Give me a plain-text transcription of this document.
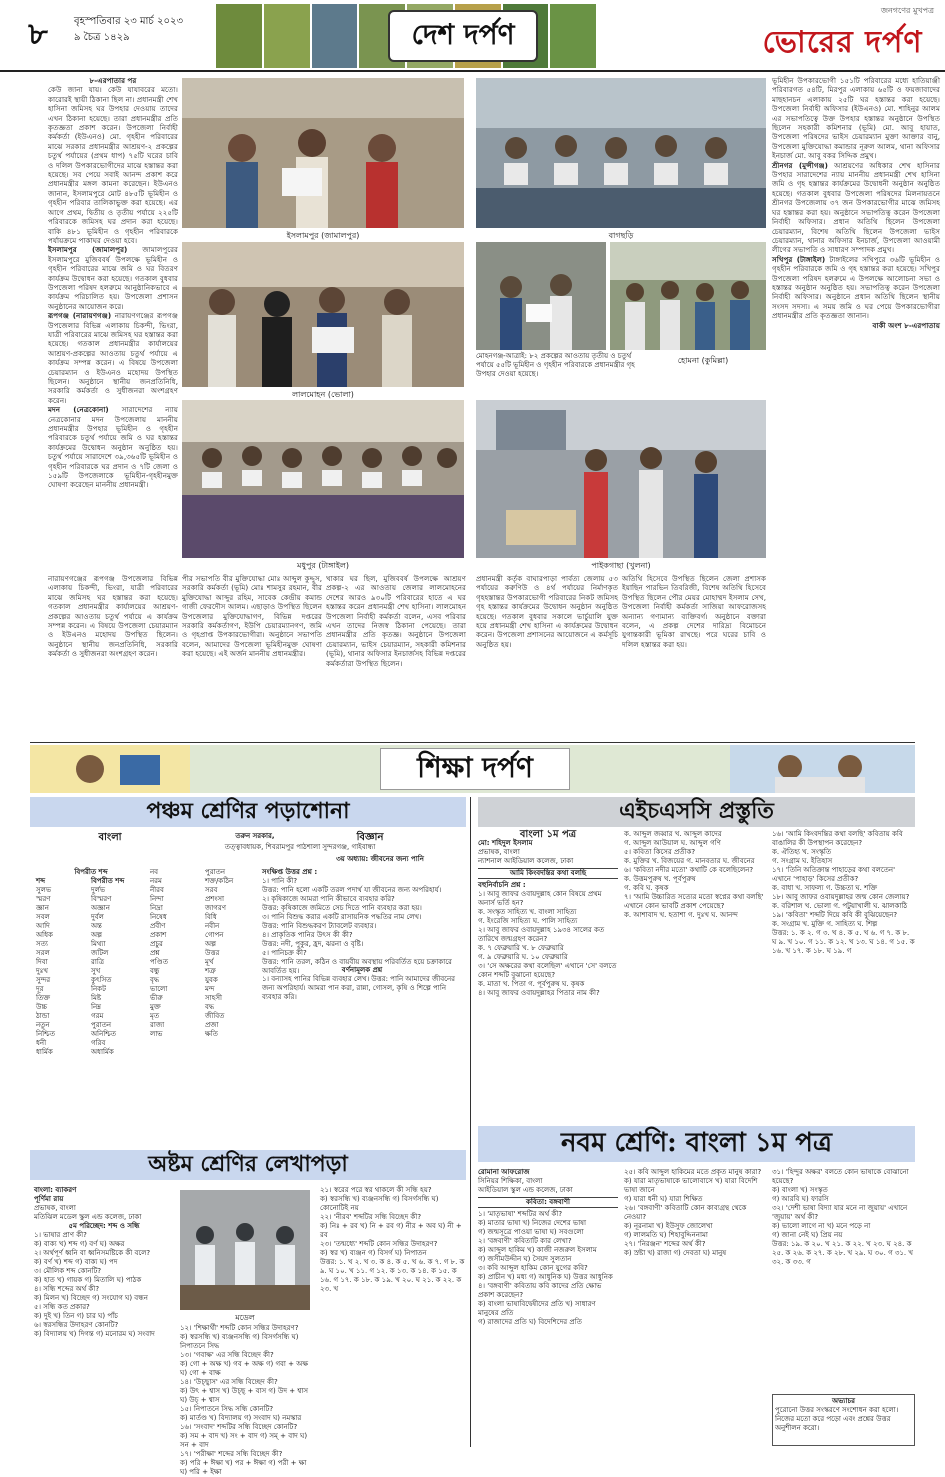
৮	বৃহস্পতিবার ২৩ মার্চ ২০২৩
৯ চৈত্র ১৪২৯	দেশ দর্পণ
জনগণের মুখপত্র
ভোরের দর্পণ
৮-এরপাতার পর

কেউ জানা যায়। কেউ যাযাবরের মতো। কারোরই স্থায়ী ঠিকানা ছিল না। প্রধানমন্ত্রী শেখ হাসিনা জমিসহ ঘর উপহার দেওয়ায় তাদের এখন ঠিকানা হয়েছে। তারা প্রধানমন্ত্রীর প্রতি কৃতজ্ঞতা প্রকাশ করেন। উপজেলা নির্বাহী কর্মকর্তা (ইউএনও) মো. গৃহহীন পরিবারের মাঝে সরকার প্রধানমন্ত্রীর আশ্রয়ণ-২ প্রকল্পের চতুর্থ পর্যায়ের (প্রথম ধাপ) ৭৫টি ঘরের চাবি ও দলিল উপকারভোগীদের মাঝে হস্তান্তর করা হয়েছে। সব পেয়ে সবাই আনন্দ প্রকাশ করে প্রধানমন্ত্রীর মঙ্গল কামনা করেছেন। ইউএনও জানান, ইসলামপুরে মোট ৪৮৫টি ভূমিহীন ও গৃহহীন পরিবার তালিকাভুক্ত করা হয়েছে। এর আগে প্রথম, দ্বিতীয় ও তৃতীয় পর্যায়ে ২২৫টি পরিবারকে জমিসহ ঘর প্রদান করা হয়েছে। বাকি ৪৮১ ভূমিহীন ও গৃহহীন পরিবারকে পর্যায়ক্রমে পাকাঘর দেওয়া হবে।

ইসলামপুর (জামালপুর) জামালপুরের ইসলামপুরে মুজিববর্ষ উপলক্ষে ভূমিহীন ও গৃহহীন পরিবারের মাঝে জমি ও ঘর বিতরণ কার্যক্রম উদ্বোধন করা হয়েছে। গতকাল বুধবার উপজেলা পরিষদ হলরুমে আনুষ্ঠানিকভাবে এ কার্যক্রম পরিচালিত হয়। উপজেলা প্রশাসন অনুষ্ঠানের আয়োজন করে।

রূপগঞ্জ (নারায়ণগঞ্জ) নারায়ণগঞ্জের রূপগঞ্জ উপজেলার বিভিন্ন এলাকায় চিকন্দী, ভিংরা, যাত্রী পরিবারের মাঝে জমিসহ ঘর হস্তান্তর করা হয়েছে। গতকাল প্রধানমন্ত্রীর কার্যালয়ের আশ্রয়ণ-প্রকল্পের আওতায় চতুর্থ পর্যায়ে এ কার্যক্রম সম্পন্ন করেন। এ বিষয়ে উপজেলা চেয়ারম্যান ও ইউএনও মহোদয় উপস্থিত ছিলেন। অনুষ্ঠানে স্থানীয় জনপ্রতিনিধি, সরকারি কর্মকর্তা ও সুধীজনরা অংশগ্রহণ করেন।

মদন (নেত্রকোনা) সারাদেশের ন্যায় নেত্রকোনার মদন উপজেলায় মাননীয় প্রধানমন্ত্রীর উপহার ভূমিহীন ও গৃহহীন পরিবারকে চতুর্থ পর্যায়ে জমি ও ঘর হস্তান্তর কার্যক্রমের উদ্বোধন অনুষ্ঠান অনুষ্ঠিত হয়। চতুর্থ পর্যায়ে সারাদেশে ৩৯,৩৬৫টি ভূমিহীন ও গৃহহীন পরিবারকে ঘর প্রদান ও ৭টি জেলা ও ১৫৯টি উপজেলাকে ভূমিহীন-গৃহহীনমুক্ত ঘোষণা করেছেন মাননীয় প্রধানমন্ত্রী।

ইসলামপুর (জামালপুর)	বাগছড়ি
লালমোহন (ভোলা)
মোহনগঞ্জ-আত্রাই: ৮২ প্রকল্পের আওতায় তৃতীয় ও চতুর্থ পর্যায়ে ৫৫টি ভূমিহীন ও গৃহহীন পরিবারকে প্রধানমন্ত্রীর গৃহ উপহার দেওয়া হয়েছে।
হোমনা (কুমিল্লা)
মধুপুর (টাঙ্গাইল)	পাইকগাছা (খুলনা)

ভূমিহীন উপকারভোগী ১৫১টি পরিবারের মধ্যে হাতিয়াঞ্জী পরিবারগত ৫৪টি, মিরপুর এলাকায় ৬৫টি ও ফয়জাবাদের মাছহানচন এলাকায় ২৫টি ঘর হস্তান্তর করা হয়েছে। উপজেলা নির্বাহী অফিসার (ইউএনও) মো. শাহিনুর আলম এর সভাপতিত্বে উক্ত উপহার হস্তান্তর অনুষ্ঠানে উপস্থিত ছিলেন সহকারী কমিশনার (ভূমি) মো. আবু হায়াত, উপজেলা পরিষদের ভাইস চেয়ারম্যান মুক্তা আক্তার বানু, উপজেলা মুক্তিযোদ্ধা কমান্ডার নূরুল আলম, থানা অফিসার ইনচার্জ মো. আবু বকর সিদ্দিক প্রমুখ।

শ্রীনগর (মুন্সীগঞ্জ) আশ্রয়ণের অধিকার শেখ হাসিনার উপহার সারাদেশের ন্যায় মাননীয় প্রধানমন্ত্রী শেখ হাসিনা জমি ও গৃহ হস্তান্তর কার্যক্রমের উদ্বোধনী অনুষ্ঠান অনুষ্ঠিত হয়েছে। গতকাল বুধবার উপজেলা পরিষদের মিলনায়তনে শ্রীনগর উপজেলায় ৩৭ জন উপকারভোগীর মাঝে জমিসহ ঘর হস্তান্তর করা হয়। অনুষ্ঠানে সভাপতিত্ব করেন উপজেলা নির্বাহী অফিসার। প্রধান অতিথি ছিলেন উপজেলা চেয়ারম্যান, বিশেষ অতিথি ছিলেন উপজেলা ভাইস চেয়ারম্যান, থানার অফিসার ইনচার্জ, উপজেলা আওয়ামী লীগের সভাপতি ও সাধারণ সম্পাদক প্রমুখ।

সখিপুর (টাঙ্গাইল) টাঙ্গাইলের সখিপুরে ৩৬টি ভূমিহীন ও গৃহহীন পরিবারকে জমি ও গৃহ হস্তান্তর করা হয়েছে। সখিপুর উপজেলা পরিষদ হলরুমে এ উপলক্ষে আলোচনা সভা ও হস্তান্তর অনুষ্ঠান অনুষ্ঠিত হয়। সভাপতিত্ব করেন উপজেলা নির্বাহী অফিসার। অনুষ্ঠানে প্রধান অতিথি ছিলেন স্থানীয় সংসদ সদস্য। এ সময় জমি ও ঘর পেয়ে উপকারভোগীরা প্রধানমন্ত্রীর প্রতি কৃতজ্ঞতা জানান।

বাকী অংশ ৮-এরপাতায়

নারায়ণগঞ্জের রূপগঞ্জ উপজেলার বিভিন্ন এলাকায় চিকন্দী, ভিংরা, যাত্রী পরিবারের মাঝে জমিসহ ঘর হস্তান্তর করা হয়েছে। গতকাল প্রধানমন্ত্রীর কার্যালয়ের আশ্রয়ণ-প্রকল্পের আওতায় চতুর্থ পর্যায়ে এ কার্যক্রম সম্পন্ন করেন। এ বিষয়ে উপজেলা চেয়ারম্যান ও ইউএনও মহোদয় উপস্থিত ছিলেন। অনুষ্ঠানে স্থানীয় জনপ্রতিনিধি, সরকারি কর্মকর্তা ও সুধীজনরা অংশগ্রহণ করেন।

পীর সভাপতি বীর মুক্তিযোদ্ধা মোঃ আব্দুল কুদ্দুস, সরকারি কর্মকর্তা (ভূমি) মোঃ শামসুর রহমান, বীর মুক্তিযোদ্ধা আব্দুর রহিম, সাবেক কেন্দ্রীয় কমান্ড গাজী ফেরদৌস আলম। এছাড়াও উপস্থিত ছিলেন উপজেলার মুক্তিযোদ্ধাগণ, বিভিন্ন দপ্তরের সরকারি কর্মকর্তাগণ, ইউপি চেয়ারম্যানগণ, জমি ও গৃহপ্রাপ্ত উপকারভোগীরা। অনুষ্ঠানে সভাপতি বলেন, আমাদের উপজেলা ভূমিহীনমুক্ত ঘোষণা করা হয়েছে। এই অর্জন মাননীয় প্রধানমন্ত্রীর।

খাকার ঘর ছিল, মুজিববর্ষ উপলক্ষে আশ্রয়ণ প্রকল্প-২ এর আওতায় জেলার লালমোহনের দেশের আরও ৯৩০টি পরিবারের হাতে এ ঘর হস্তান্তর করেন প্রধানমন্ত্রী শেখ হাসিনা। লালমোহন উপজেলা নির্বাহী কর্মকর্তা বলেন, এসব পরিবার এখন তাদের নিজস্ব ঠিকানা পেয়েছে। তারা প্রধানমন্ত্রীর প্রতি কৃতজ্ঞ। অনুষ্ঠানে উপজেলা চেয়ারম্যান, ভাইস চেয়ারম্যান, সহকারী কমিশনার (ভূমি), থানার অফিসার ইনচার্জসহ বিভিন্ন দপ্তরের কর্মকর্তারা উপস্থিত ছিলেন।

প্রধানমন্ত্রী কর্তৃক বাঘারপাড়া পার্বত্য জেলায় ৫৩ পর্যায়ের করুণিউ ও ৪র্থ পর্যায়ের নির্মাণকৃত গৃহহস্তান্তর উপকারভোগী পরিবারের নিকট জমিসহ গৃহ হস্তান্তর কার্যক্রমের উদ্বোধন অনুষ্ঠান অনুষ্ঠিত হয়েছে। গতকাল বুধবার সকালে ভার্চুয়ালি যুক্ত হয়ে প্রধানমন্ত্রী শেখ হাসিনা এ কার্যক্রমের উদ্বোধন করেন। উপজেলা প্রশাসনের আয়োজনে এ কর্মসূচি অনুষ্ঠিত হয়।

অতিথি হিসেবে উপস্থিত ছিলেন জেলা প্রশাসক ইয়াছিন পারভিন তিবরিজী, বিশেষ অতিথি হিসেবে উপস্থিত ছিলেন পৌর মেয়র মোহাম্মদ ইসলাম সেখ, উপজেলা নির্বাহী কর্মকর্তা সাজিয়া আফরোজসহ অন্যান্য গণ্যমান্য ব্যক্তিবর্গ। অনুষ্ঠানে বক্তারা বলেন, এ প্রকল্প দেশের দারিদ্র্য বিমোচনে যুগান্তকারী ভূমিকা রাখছে। পরে ঘরের চাবি ও দলিল হস্তান্তর করা হয়।

শিক্ষা দর্পণ
পঞ্চম শ্রেণির পড়াশোনা
বাংলা	বিজ্ঞান
তরুন সরকার,
তত্ত্বাবধায়ক, শিবরামপুর পাঠশালা সুন্দরগঞ্জ, গাইবান্ধা
৩য় অধ্যায়: জীবনের জন্য পানি
বিপরীত শব্দ
শব্দ	বিপরীত শব্দ
সুলভ	দুর্লভ
স্মরণ	বিস্মরণ
জ্ঞান	অজ্ঞান
সবল	দুর্বল
আদি	অন্ত
অধিক	অল্প
সত্য	মিথ্যা
সরল	জটিল
দিবা	রাত্রি
দুঃখ	সুখ
সুন্দর	কুৎসিত
দূর	নিকট
তিক্ত	মিষ্ট
উচ্চ	নিম্ন
ঠান্ডা	গরম
নতুন	পুরাতন
নিশ্চিত	অনিশ্চিত
ধনী	গরিব
ধার্মিক	অধার্মিক
নব	পুরাতন
নরম	শক্ত/কঠিন
নীরব	সরব
নিন্দা	প্রশংসা
নিদ্রা	জাগরণ
নিষেধ	বিধি
প্রবীণ	নবীন
প্রকাশ	গোপন
প্রচুর	অল্প
প্রশ্ন	উত্তর
পণ্ডিত	মূর্খ
বন্ধু	শত্রু
বৃদ্ধ	যুবক
ভালো	মন্দ
ভীরু	সাহসী
মুক্ত	বদ্ধ
মৃত	জীবিত
রাজা	প্রজা
লাভ	ক্ষতি
সংক্ষিপ্ত উত্তর প্রশ্ন :
১। পানি কী?
উত্তর: পানি হলো একটি তরল পদার্থ যা জীবনের জন্য অপরিহার্য।
২। কৃষিকাজে আমরা পানি কীভাবে ব্যবহার করি?
উত্তর: কৃষিকাজে জমিতে সেচ দিতে পানি ব্যবহার করা হয়।
৩। পানি বিশুদ্ধ করার একটি রাসায়নিক পদ্ধতির নাম লেখ।
উত্তর: পানি বিশুদ্ধকরণ ট্যাবলেট ব্যবহার।
৪। প্রাকৃতিক পানির উৎস কী কী?
উত্তর: নদী, পুকুর, হ্রদ, ঝরনা ও বৃষ্টি।
৫। পানিচক্র কী?
উত্তর: পানি তরল, কঠিন ও বায়বীয় অবস্থায় পরিবর্তিত হয়ে চক্রাকারে আবর্তিত হয়।	বর্ণনামূলক প্রশ্ন
১। বন্যাসহ পানির বিভিন্ন ব্যবহার লেখ। উত্তর: পানি আমাদের জীবনের জন্য অপরিহার্য। আমরা পান করা, রান্না, গোসল, কৃষি ও শিল্পে পানি ব্যবহার করি।
এইচএসসি প্রস্তুতি
বাংলা ১ম পত্র
মো: শহিদুল ইসলাম
প্রভাষক, বাংলা
ন্যাশনাল আইডিয়াল কলেজ, ঢাকা
আমি কিংবদন্তির কথা বলছি
বহুনির্বাচনি প্রশ্ন :
১। আবু জাফর ওবায়দুল্লাহ কোন বিষয়ে প্রথম অনার্স ভর্তি হন?
ক. সংস্কৃত সাহিত্য খ. বাংলা সাহিত্য
গ. ইংরেজি সাহিত্য ঘ. পালি সাহিত্য
২। আবু জাফর ওবায়দুল্লাহ ১৯৩৪ সালের কত তারিখে জন্মগ্রহণ করেন?
ক. ৭ ফেব্রুয়ারি খ. ৮ ফেব্রুয়ারি
গ. ৯ ফেব্রুয়ারি ঘ. ১০ ফেব্রুয়ারি
৩। 'সে অক্ষরের কথা বলেছিল' এখানে 'সে' বলতে কোন শব্দটি বুঝানো হয়েছে?
ক. মাতা খ. পিতা গ. পূর্বপুরুষ ঘ. কৃষক
৪। আবু জাফর ওবায়দুল্লাহর পিতার নাম কী?
ক. আব্দুল জব্বার খ. আব্দুল কাদের
গ. আব্দুল আউয়াল ঘ. আব্দুল গণি
৫। কবিতা কিসের প্রতীক?
ক. মুক্তির খ. বিজয়ের গ. মানবতার ঘ. জীবনের
৬। 'কবিতা নদীর মতো' কথাটি কে বলেছিলেন?
ক. উত্তমপুরুষ খ. পূর্বপুরুষ
গ. কবি ঘ. কৃষক
৭। 'আমি উচ্চারিত সত্যের মতো স্বপ্নের কথা বলছি' এখানে কোন ভাবটি প্রকাশ পেয়েছে?
ক. আশাবাদ খ. হতাশা গ. দুঃখ ঘ. আনন্দ
১৬। 'আমি কিংবদন্তির কথা বলছি' কবিতায় কবি বাঙালির কী উপস্থাপন করেছেন?
ক. ঐতিহ্য খ. সংস্কৃতি
গ. সংগ্রাম ঘ. ইতিহাস
১৭। 'তিনি অতিক্রান্ত পাহাড়ের কথা বলতেন' এখানে 'পাহাড়' কিসের প্রতীক?
ক. বাধা খ. সাফল্য গ. উচ্চতা ঘ. শক্তি
১৮। আবু জাফর ওবায়দুল্লাহর জন্ম কোন জেলায়?
ক. বরিশাল খ. ভোলা গ. পটুয়াখালী ঘ. ঝালকাঠি
১৯। 'কবিতা' শব্দটি দিয়ে কবি কী বুঝিয়েছেন?
ক. সংগ্রাম খ. মুক্তি গ. সাহিত্য ঘ. শিল্প
উত্তর: ১. ক ২. গ ৩. খ ৪. ক ৫. খ ৬. গ ৭. ক ৮. ঘ ৯. খ ১০. গ ১১. ক ১২. খ ১৩. ঘ ১৪. গ ১৫. ক ১৬. খ ১৭. ক ১৮. ঘ ১৯. গ
অষ্টম শ্রেণির লেখাপড়া
বাংলা: ব্যাকরণ
পূর্ণিমা রায়
প্রভাষক, বাংলা
মতিঝিল মডেল স্কুল এন্ড কলেজ, ঢাকা
৫ম পরিচ্ছেদ: শব্দ ও সন্ধি
১। ভাষার প্রাণ কী?
ক) বাক্য খ) শব্দ গ) বর্ণ ঘ) অক্ষর
২। অর্থপূর্ণ ধ্বনি বা ধ্বনিসমষ্টিকে কী বলে?
ক) বর্ণ খ) শব্দ গ) বাক্য ঘ) পদ
৩। মৌলিক শব্দ কোনটি?
ক) হাত খ) গায়ক গ) মিতালি ঘ) পাঠক
৪। সন্ধি শব্দের অর্থ কী?
ক) মিলন খ) বিচ্ছেদ গ) সংযোগ ঘ) বন্ধন
৫। সন্ধি কত প্রকার?
ক) দুই খ) তিন গ) চার ঘ) পাঁচ
৬। স্বরসন্ধির উদাহরণ কোনটি?
ক) বিদ্যালয় খ) দিগন্ত গ) মনোরম ঘ) সংবাদ
মডেল
১২। 'শিক্ষার্থী' শব্দটি কোন সন্ধির উদাহরণ?
ক) স্বরসন্ধি খ) ব্যঞ্জনসন্ধি গ) বিসর্গসন্ধি ঘ) নিপাতনে সিদ্ধ
১৩। 'গবাক্ষ' এর সন্ধি বিচ্ছেদ কী?
ক) গো + অক্ষ খ) গব + অক্ষ গ) গবা + অক্ষ ঘ) গো + বাক্ষ
১৪। 'উচ্ছ্বাস' এর সন্ধি বিচ্ছেদ কী?
ক) উৎ + শ্বাস খ) উচ্ছ্ + বাস গ) উদ + শ্বাস ঘ) উচ্ + শ্বাস
১৫। নিপাতনে সিদ্ধ সন্ধি কোনটি?
ক) মার্তণ্ড খ) বিদ্যালয় গ) সংবাদ ঘ) নমস্কার
১৬। 'সংবাদ' শব্দটির সন্ধি বিচ্ছেদ কোনটি?
ক) সম + বাদ খ) সং + বাদ গ) সম্ + বাদ ঘ) সন + বাদ
১৭। 'পরীক্ষা' শব্দের সন্ধি বিচ্ছেদ কী?
ক) পরি + ঈক্ষা খ) পর + ঈক্ষা গ) পরী + ক্ষা ঘ) পরি + ইক্ষা
২১। স্বরের পরে স্বর থাকলে কী সন্ধি হয়?
ক) স্বরসন্ধি খ) ব্যঞ্জনসন্ধি গ) বিসর্গসন্ধি ঘ) কোনোটিই নয়
২২। 'নীরব' শব্দটির সন্ধি বিচ্ছেদ কী?
ক) নিঃ + রব খ) নি + রব গ) নীর + অব ঘ) নী + রব
২৩। 'তন্মধ্যে' শব্দটি কোন সন্ধির উদাহরণ?
ক) স্বর খ) ব্যঞ্জন গ) বিসর্গ ঘ) নিপাতন
উত্তর: ১. খ ২. খ ৩. ক ৪. ক ৫. খ ৬. ক ৭. গ ৮. ক ৯. ঘ ১০. খ ১১. গ ১২. ক ১৩. ক ১৪. ক ১৫. ক ১৬. গ ১৭. ক ১৮. ক ১৯. খ ২০. ঘ ২১. ক ২২. ক ২৩. খ
নবম শ্রেণি: বাংলা ১ম পত্র
রোমানা আফরোজ
সিনিয়র শিক্ষিকা, বাংলা
আইডিয়াল স্কুল এন্ড কলেজ, ঢাকা
কবিতা: বঙ্গবাণী
১। 'মাতৃভাষা' শব্দটির অর্থ কী?
ক) মাতার ভাষা খ) নিজের দেশের ভাষা
গ) জন্মসূত্রে পাওয়া ভাষা ঘ) সবগুলো
২। 'বঙ্গবাণী' কবিতাটি কার লেখা?
ক) আব্দুল হাকিম খ) কাজী নজরুল ইসলাম
গ) জসীমউদ্দীন ঘ) সৈয়দ সুলতান
৩। কবি আব্দুল হাকিম কোন যুগের কবি?
ক) প্রাচীন খ) মধ্য গ) আধুনিক ঘ) উত্তর আধুনিক
৪। 'বঙ্গবাণী' কবিতায় কবি কাদের প্রতি ক্ষোভ প্রকাশ করেছেন?
ক) বাংলা ভাষাবিদ্বেষীদের প্রতি খ) সাধারণ মানুষের প্রতি
গ) রাজাদের প্রতি ঘ) বিদেশিদের প্রতি
২৫। কবি আব্দুল হাকিমের মতে প্রকৃত মানুষ কারা?
ক) যারা মাতৃভাষাকে ভালোবাসে খ) যারা বিদেশি ভাষা জানে
গ) যারা ধনী ঘ) যারা শিক্ষিত
২৬। 'বঙ্গবাণী' কবিতাটি কোন কাব্যগ্রন্থ থেকে নেওয়া?
ক) নূরনামা খ) ইউসুফ জোলেখা
গ) লালমতি ঘ) শিহাবুদ্দিননামা
২৭। 'নিরঞ্জন' শব্দের অর্থ কী?
ক) স্রষ্টা খ) রাজা গ) দেবতা ঘ) মানুষ
৩১। 'হিন্দুর অক্ষর' বলতে কোন ভাষাকে বোঝানো হয়েছে?
ক) বাংলা খ) সংস্কৃত
গ) আরবি ঘ) ফারসি
৩২। 'দেশী ভাষা বিদ্যা যার মনে না জুয়ায়' এখানে 'জুয়ায়' অর্থ কী?
ক) ভালো লাগে না খ) মনে পড়ে না
গ) জানা নেই ঘ) প্রিয় নয়
উত্তর: ১৯. ক ২০. খ ২১. ক ২২. খ ২৩. ঘ ২৪. ক ২৫. ক ২৬. ক ২৭. ক ২৮. খ ২৯. ঘ ৩০. গ ৩১. খ ৩২. ক ৩৩. গ
অভ্যাচর
পুরোনো উত্তর সংস্করণে সংশোধন করা হলো। নিজের মতো করে পড়ো এবং প্রশ্নের উত্তর অনুশীলন করো।
